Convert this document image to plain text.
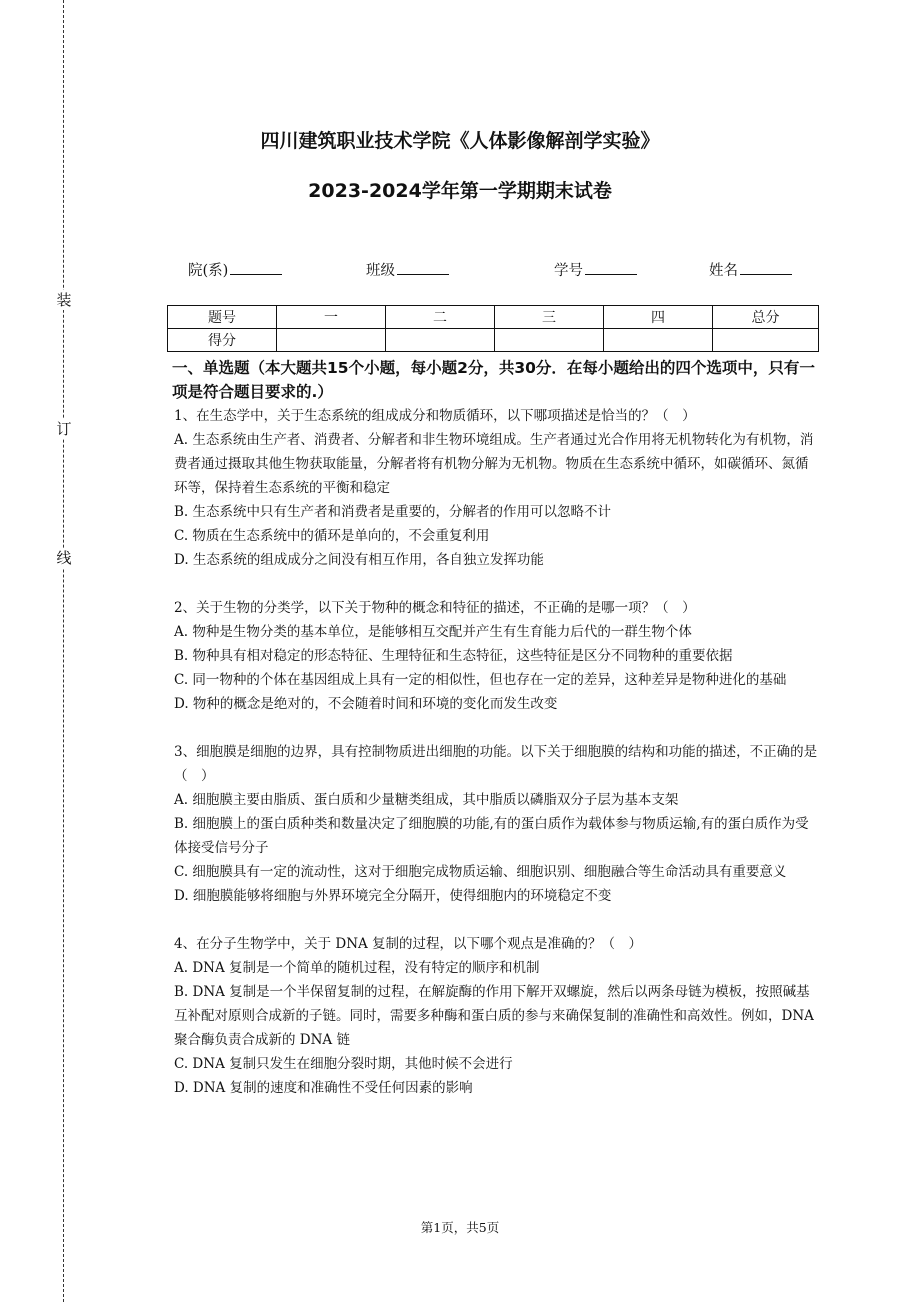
装
订
线
四川建筑职业技术学院《人体影像解剖学实验》
2023-2024学年第一学期期末试卷
院(系)	班级	学号	姓名
题号	一	二	三	四	总分
得分					

一、单选题（本大题共15个小题，每小题2分，共30分．在每小题给出的四个选项中，只有一项是符合题目要求的.）

1、在生态学中，关于生态系统的组成成分和物质循环，以下哪项描述是恰当的？（　）

A. 生态系统由生产者、消费者、分解者和非生物环境组成。生产者通过光合作用将无机物转化为有机物，消费者通过摄取其他生物获取能量，分解者将有机物分解为无机物。物质在生态系统中循环，如碳循环、氮循环等，保持着生态系统的平衡和稳定

B. 生态系统中只有生产者和消费者是重要的，分解者的作用可以忽略不计

C. 物质在生态系统中的循环是单向的，不会重复利用

D. 生态系统的组成成分之间没有相互作用，各自独立发挥功能

2、关于生物的分类学，以下关于物种的概念和特征的描述，不正确的是哪一项？（　）

A. 物种是生物分类的基本单位，是能够相互交配并产生有生育能力后代的一群生物个体

B. 物种具有相对稳定的形态特征、生理特征和生态特征，这些特征是区分不同物种的重要依据

C. 同一物种的个体在基因组成上具有一定的相似性，但也存在一定的差异，这种差异是物种进化的基础

D. 物种的概念是绝对的，不会随着时间和环境的变化而发生改变

3、细胞膜是细胞的边界，具有控制物质进出细胞的功能。以下关于细胞膜的结构和功能的描述，不正确的是（　）

A. 细胞膜主要由脂质、蛋白质和少量糖类组成，其中脂质以磷脂双分子层为基本支架

B. 细胞膜上的蛋白质种类和数量决定了细胞膜的功能,有的蛋白质作为载体参与物质运输,有的蛋白质作为受体接受信号分子

C. 细胞膜具有一定的流动性，这对于细胞完成物质运输、细胞识别、细胞融合等生命活动具有重要意义

D. 细胞膜能够将细胞与外界环境完全分隔开，使得细胞内的环境稳定不变

4、在分子生物学中，关于 DNA 复制的过程，以下哪个观点是准确的？（　）

A. DNA 复制是一个简单的随机过程，没有特定的顺序和机制

B. DNA 复制是一个半保留复制的过程，在解旋酶的作用下解开双螺旋，然后以两条母链为模板，按照碱基互补配对原则合成新的子链。同时，需要多种酶和蛋白质的参与来确保复制的准确性和高效性。例如，DNA 聚合酶负责合成新的 DNA 链

C. DNA 复制只发生在细胞分裂时期，其他时候不会进行

D. DNA 复制的速度和准确性不受任何因素的影响

第1页，共5页
